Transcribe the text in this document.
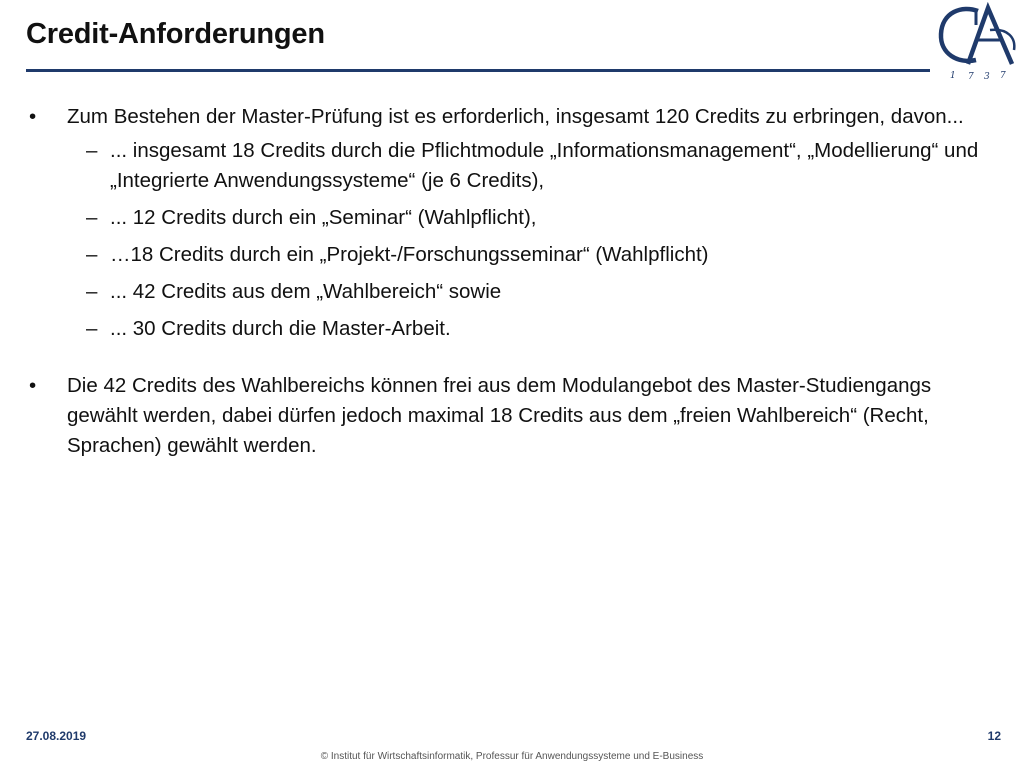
Credit-Anforderungen
1 7 3 7
• Zum Bestehen der Master-Prüfung ist es erforderlich, insgesamt 120 Credits zu erbringen, davon...
– ... insgesamt 18 Credits durch die Pflichtmodule „Informationsmanagement“, „Modellierung“ und „Integrierte Anwendungssysteme“ (je 6 Credits),
– ... 12 Credits durch ein „Seminar“ (Wahlpflicht),
– …18 Credits durch ein „Projekt-/Forschungsseminar“ (Wahlpflicht)
– ... 42 Credits aus dem „Wahlbereich“ sowie
– ... 30 Credits durch die Master-Arbeit.
• Die 42 Credits des Wahlbereichs können frei aus dem Modulangebot des Master-Studiengangs gewählt werden, dabei dürfen jedoch maximal 18 Credits aus dem „freien Wahlbereich“ (Recht, Sprachen) gewählt werden.
27.08.2019	12
© Institut für Wirtschaftsinformatik, Professur für Anwendungssysteme und E-Business
